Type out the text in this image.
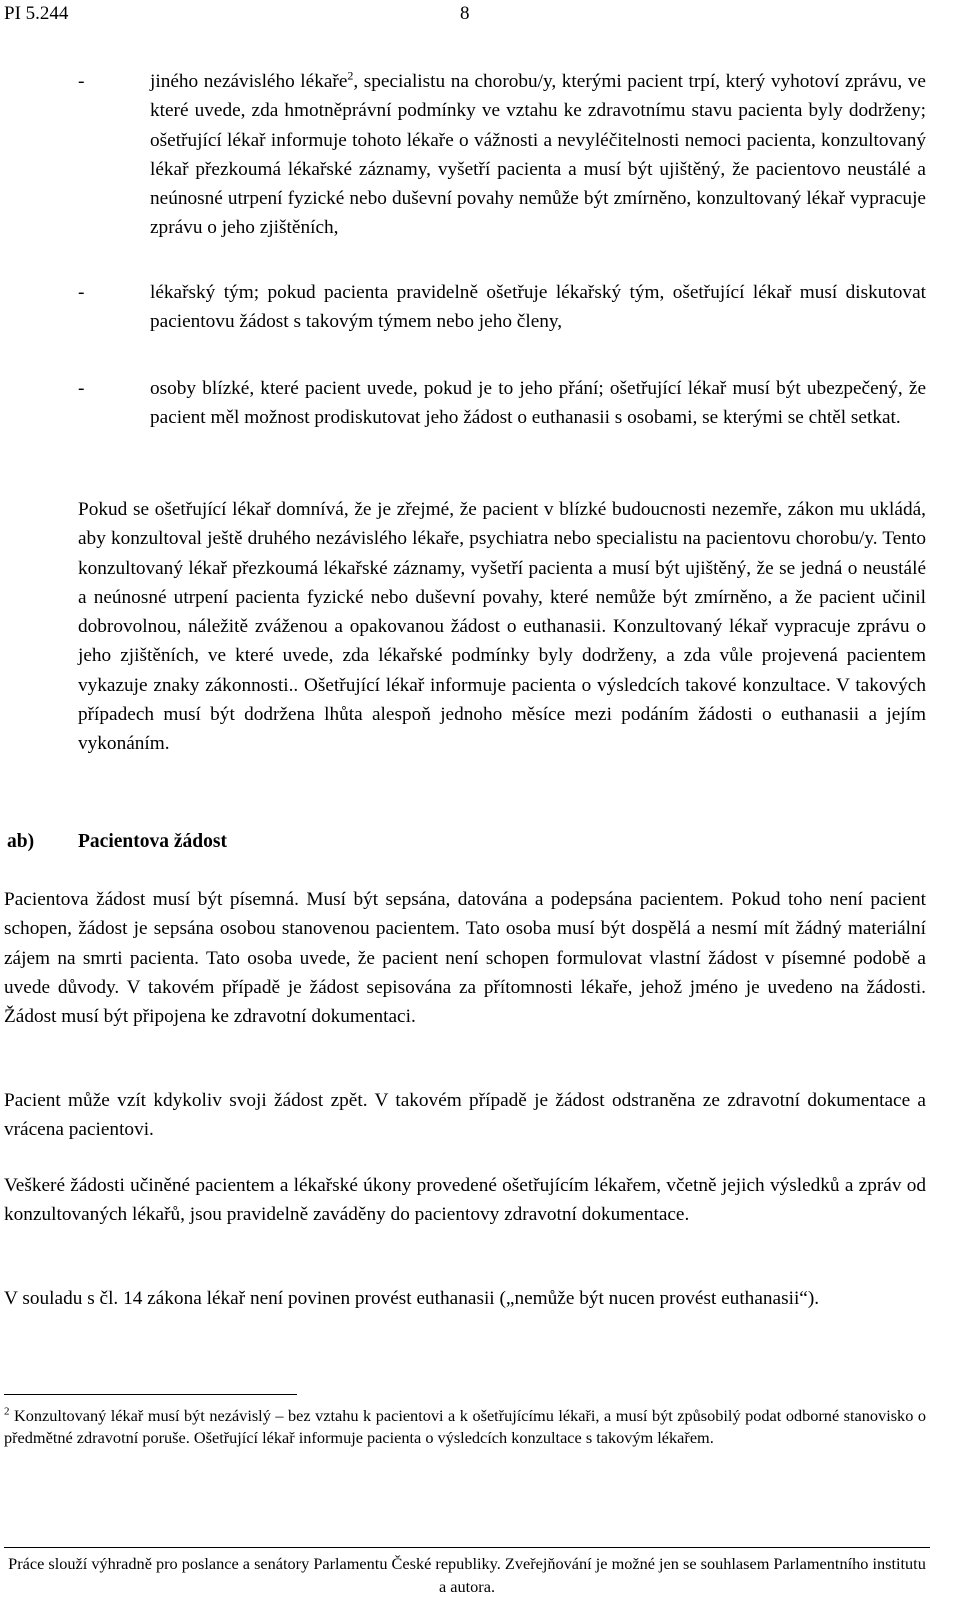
PI 5.244	8
-	jiného nezávislého lékaře$^2$, specialistu na chorobu/y, kterými pacient trpí, který vyhotoví zprávu, ve které uvede, zda hmotněprávní podmínky ve vztahu ke zdravotnímu stavu pacienta byly dodrženy; ošetřující lékař informuje tohoto lékaře o vážnosti a nevyléčitelnosti nemoci pacienta, konzultovaný lékař přezkoumá lékařské záznamy, vyšetří pacienta a musí být ujištěný, že pacientovo neustálé a neúnosné utrpení fyzické nebo duševní povahy nemůže být zmírněno, konzultovaný lékař vypracuje zprávu o jeho zjištěních,
-	lékařský tým; pokud pacienta pravidelně ošetřuje lékařský tým, ošetřující lékař musí diskutovat pacientovu žádost s takovým týmem nebo jeho členy,
-	osoby blízké, které pacient uvede, pokud je to jeho přání; ošetřující lékař musí být ubezpečený, že pacient měl možnost prodiskutovat jeho žádost o euthanasii s osobami, se kterými se chtěl setkat.
Pokud se ošetřující lékař domnívá, že je zřejmé, že pacient v blízké budoucnosti nezemře, zákon mu ukládá, aby konzultoval ještě druhého nezávislého lékaře, psychiatra nebo specialistu na pacientovu chorobu/y. Tento konzultovaný lékař přezkoumá lékařské záznamy, vyšetří pacienta a musí být ujištěný, že se jedná o neustálé a neúnosné utrpení pacienta fyzické nebo duševní povahy, které nemůže být zmírněno, a že pacient učinil dobrovolnou, náležitě zváženou a opakovanou žádost o euthanasii. Konzultovaný lékař vypracuje zprávu o jeho zjištěních, ve které uvede, zda lékařské podmínky byly dodrženy, a zda vůle projevená pacientem vykazuje znaky zákonnosti.. Ošetřující lékař informuje pacienta o výsledcích takové konzultace. V takových případech musí být dodržena lhůta alespoň jednoho měsíce mezi podáním žádosti o euthanasii a jejím vykonáním.
ab) Pacientova žádost
Pacientova žádost musí být písemná. Musí být sepsána, datována a podepsána pacientem. Pokud toho není pacient schopen, žádost je sepsána osobou stanovenou pacientem. Tato osoba musí být dospělá a nesmí mít žádný materiální zájem na smrti pacienta. Tato osoba uvede, že pacient není schopen formulovat vlastní žádost v písemné podobě a uvede důvody. V takovém případě je žádost sepisována za přítomnosti lékaře, jehož jméno je uvedeno na žádosti. Žádost musí být připojena ke zdravotní dokumentaci.
Pacient může vzít kdykoliv svoji žádost zpět. V takovém případě je žádost odstraněna ze zdravotní dokumentace a vrácena pacientovi.
Veškeré žádosti učiněné pacientem a lékařské úkony provedené ošetřujícím lékařem, včetně jejich výsledků a zpráv od konzultovaných lékařů, jsou pravidelně zaváděny do pacientovy zdravotní dokumentace.
V souladu s čl. 14 zákona lékař není povinen provést euthanasii („nemůže být nucen provést euthanasii“).
$^2$ Konzultovaný lékař musí být nezávislý – bez vztahu k pacientovi a k ošetřujícímu lékaři, a musí být způsobilý podat odborné stanovisko o předmětné zdravotní poruše. Ošetřující lékař informuje pacienta o výsledcích konzultace s takovým lékařem.
Práce slouží výhradně pro poslance a senátory Parlamentu České republiky. Zveřejňování je možné jen se souhlasem Parlamentního institutu a autora.
